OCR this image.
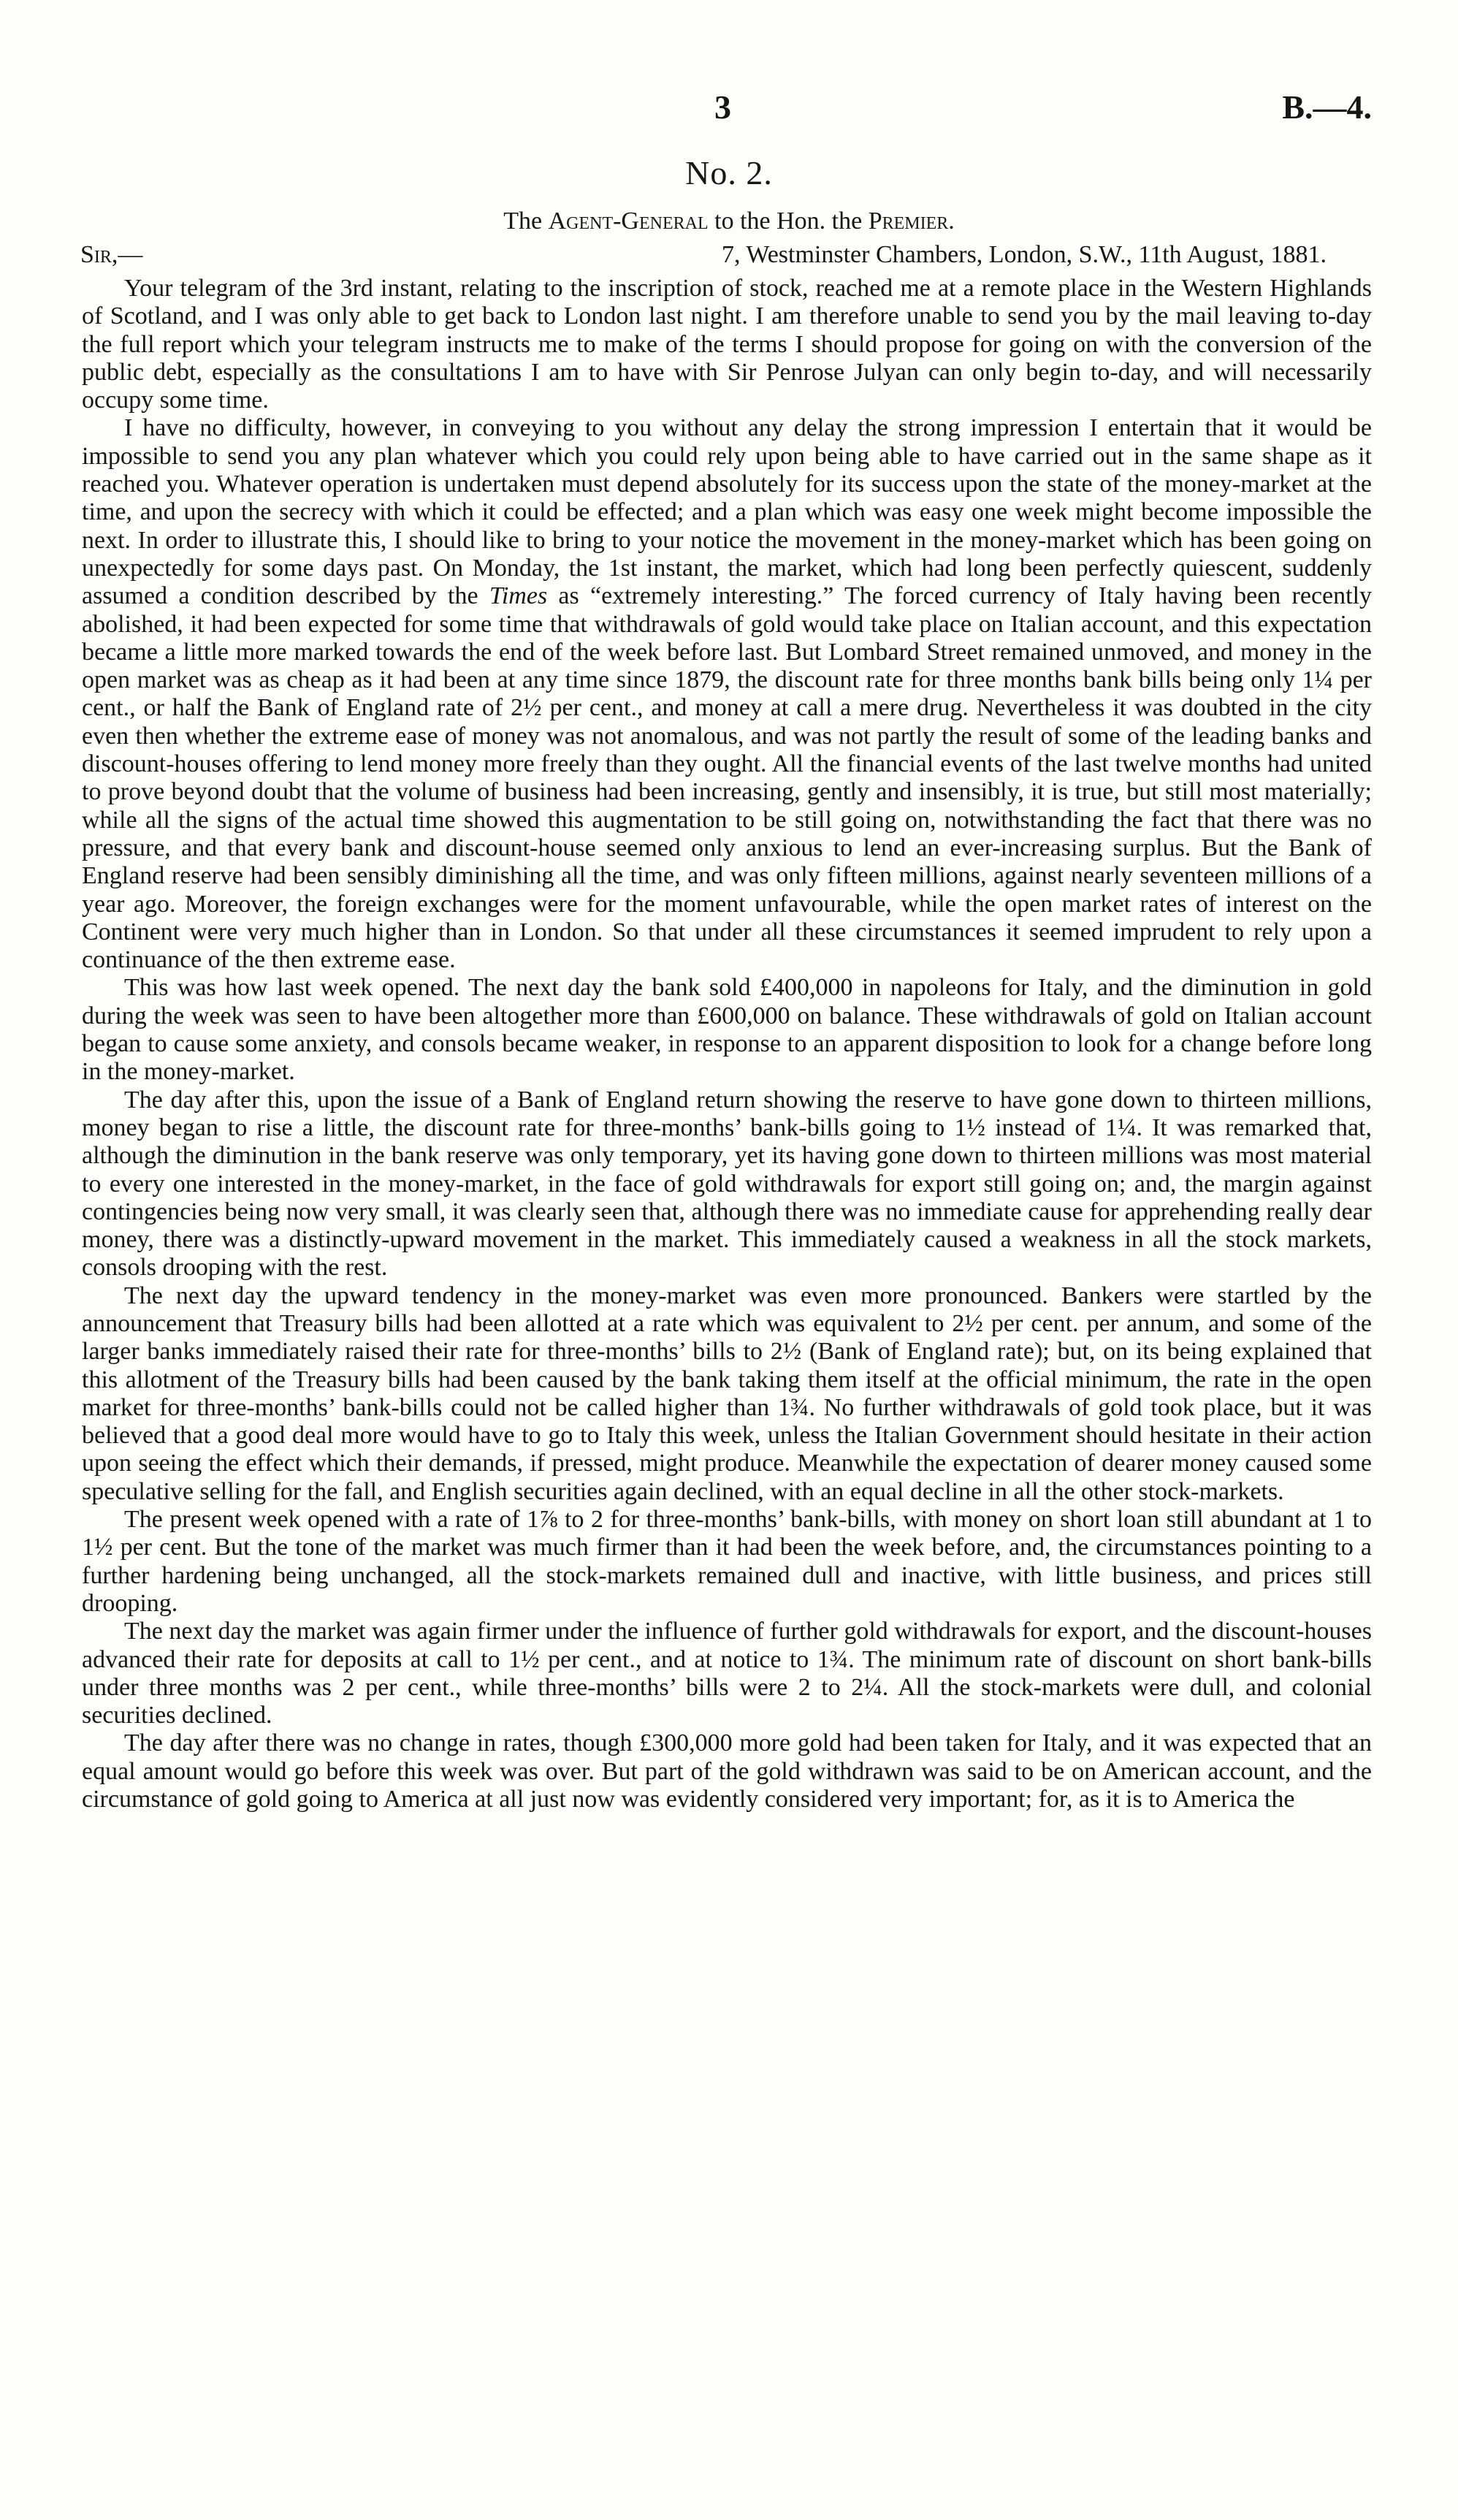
3	B.—4.
No. 2.
The Agent-General to the Hon. the Premier.
Sir,—	7, Westminster Chambers, London, S.W., 11th August, 1881.

Your telegram of the 3rd instant, relating to the inscription of stock, reached me at a remote place in the Western Highlands of Scotland, and I was only able to get back to London last night. I am therefore unable to send you by the mail leaving to-day the full report which your telegram instructs me to make of the terms I should propose for going on with the conversion of the public debt, especially as the consultations I am to have with Sir Penrose Julyan can only begin to-day, and will necessarily occupy some time.

I have no difficulty, however, in conveying to you without any delay the strong impression I entertain that it would be impossible to send you any plan whatever which you could rely upon being able to have carried out in the same shape as it reached you. Whatever operation is undertaken must depend absolutely for its success upon the state of the money-market at the time, and upon the secrecy with which it could be effected; and a plan which was easy one week might become impossible the next. In order to illustrate this, I should like to bring to your notice the movement in the money-market which has been going on unexpectedly for some days past. On Monday, the 1st instant, the market, which had long been perfectly quiescent, suddenly assumed a condition described by the Times as “extremely interesting.” The forced currency of Italy having been recently abolished, it had been expected for some time that withdrawals of gold would take place on Italian account, and this expectation became a little more marked towards the end of the week before last. But Lombard Street remained unmoved, and money in the open market was as cheap as it had been at any time since 1879, the discount rate for three months bank bills being only 1¼ per cent., or half the Bank of England rate of 2½ per cent., and money at call a mere drug. Nevertheless it was doubted in the city even then whether the extreme ease of money was not anomalous, and was not partly the result of some of the leading banks and discount-houses offering to lend money more freely than they ought. All the financial events of the last twelve months had united to prove beyond doubt that the volume of business had been increasing, gently and insensibly, it is true, but still most materially; while all the signs of the actual time showed this augmentation to be still going on, notwithstanding the fact that there was no pressure, and that every bank and discount-house seemed only anxious to lend an ever-increasing surplus. But the Bank of England reserve had been sensibly diminishing all the time, and was only fifteen millions, against nearly seventeen millions of a year ago. Moreover, the foreign exchanges were for the moment unfavourable, while the open market rates of interest on the Continent were very much higher than in London. So that under all these circumstances it seemed imprudent to rely upon a continuance of the then extreme ease.

This was how last week opened. The next day the bank sold £400,000 in napoleons for Italy, and the diminution in gold during the week was seen to have been altogether more than £600,000 on balance. These withdrawals of gold on Italian account began to cause some anxiety, and consols became weaker, in response to an apparent disposition to look for a change before long in the money-market.

The day after this, upon the issue of a Bank of England return showing the reserve to have gone down to thirteen millions, money began to rise a little, the discount rate for three-months’ bank-bills going to 1½ instead of 1¼. It was remarked that, although the diminution in the bank reserve was only temporary, yet its having gone down to thirteen millions was most material to every one interested in the money-market, in the face of gold withdrawals for export still going on; and, the margin against contingencies being now very small, it was clearly seen that, although there was no immediate cause for apprehending really dear money, there was a distinctly-upward movement in the market. This immediately caused a weakness in all the stock markets, consols drooping with the rest.

The next day the upward tendency in the money-market was even more pronounced. Bankers were startled by the announcement that Treasury bills had been allotted at a rate which was equivalent to 2½ per cent. per annum, and some of the larger banks immediately raised their rate for three-months’ bills to 2½ (Bank of England rate); but, on its being explained that this allotment of the Treasury bills had been caused by the bank taking them itself at the official minimum, the rate in the open market for three-months’ bank-bills could not be called higher than 1¾. No further withdrawals of gold took place, but it was believed that a good deal more would have to go to Italy this week, unless the Italian Government should hesitate in their action upon seeing the effect which their demands, if pressed, might produce. Meanwhile the expectation of dearer money caused some speculative selling for the fall, and English securities again declined, with an equal decline in all the other stock-markets.

The present week opened with a rate of 1⅞ to 2 for three-months’ bank-bills, with money on short loan still abundant at 1 to 1½ per cent. But the tone of the market was much firmer than it had been the week before, and, the circumstances pointing to a further hardening being unchanged, all the stock-markets remained dull and inactive, with little business, and prices still drooping.

The next day the market was again firmer under the influence of further gold withdrawals for export, and the discount-houses advanced their rate for deposits at call to 1½ per cent., and at notice to 1¾. The minimum rate of discount on short bank-bills under three months was 2 per cent., while three-months’ bills were 2 to 2¼. All the stock-markets were dull, and colonial securities declined.

The day after there was no change in rates, though £300,000 more gold had been taken for Italy, and it was expected that an equal amount would go before this week was over. But part of the gold withdrawn was said to be on American account, and the circumstance of gold going to America at all just now was evidently considered very important; for, as it is to America the
